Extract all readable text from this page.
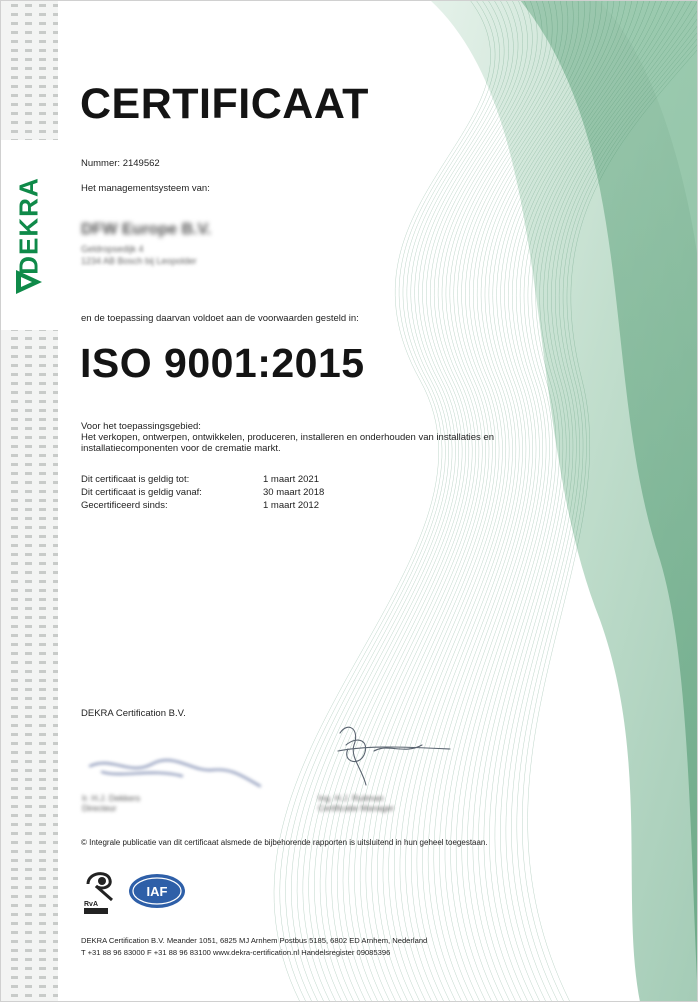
DEKRA
CERTIFICAAT
Nummer: 2149562
Het managementsysteem van:
DFW Europe B.V.
Geldropsedijk 4
1234 AB Bosch bij Leopolder
en de toepassing daarvan voldoet aan de voorwaarden gesteld in:
ISO 9001:2015
Voor het toepassingsgebied:
Het verkopen, ontwerpen, ontwikkelen, produceren, installeren en onderhouden van installaties en
installatiecomponenten voor de crematie markt.
Dit certificaat is geldig tot:	1 maart 2021
Dit certificaat is geldig vanaf:	30 maart 2018
Gecertificeerd sinds:	1 maart 2012
DEKRA Certification B.V.
Ir. H.J. Dekkers
Directeur
Ing. H.J. Ruitman
Certificatie Manager
© Integrale publicatie van dit certificaat alsmede de bijbehorende rapporten is uitsluitend in hun geheel toegestaan.
RvA
IAF
DEKRA Certification B.V. Meander 1051, 6825 MJ Arnhem Postbus 5185, 6802 ED Arnhem, Nederland
T +31 88 96 83000 F +31 88 96 83100 www.dekra-certification.nl Handelsregister 09085396
